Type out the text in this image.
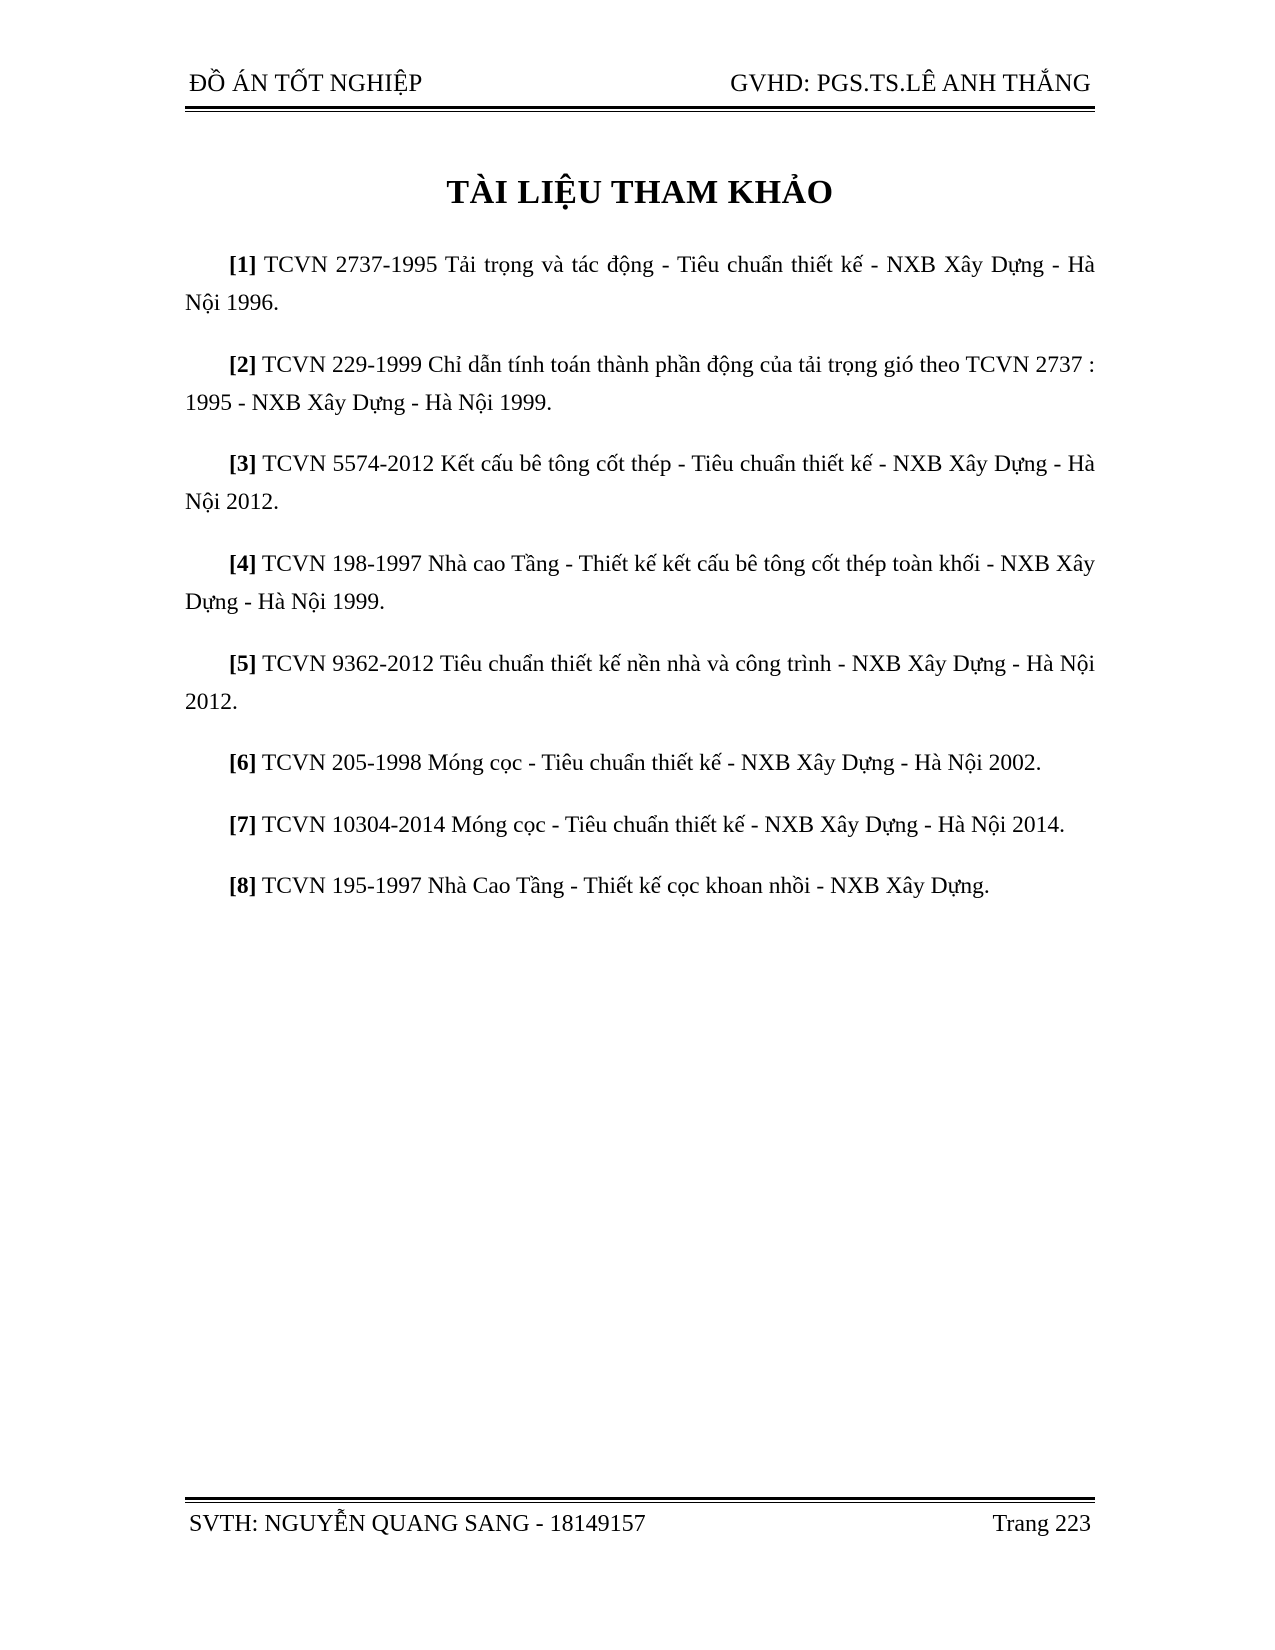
ĐỒ ÁN TỐT NGHIỆP	GVHD: PGS.TS.LÊ ANH THẮNG
TÀI LIỆU THAM KHẢO

[1] TCVN 2737-1995 Tải trọng và tác động - Tiêu chuẩn thiết kế - NXB Xây Dựng - Hà Nội 1996.

[2] TCVN 229-1999 Chỉ dẫn tính toán thành phần động của tải trọng gió theo TCVN 2737 : 1995 - NXB Xây Dựng - Hà Nội 1999.

[3] TCVN 5574-2012 Kết cấu bê tông cốt thép - Tiêu chuẩn thiết kế - NXB Xây Dựng - Hà Nội 2012.

[4] TCVN 198-1997 Nhà cao Tầng - Thiết kế kết cấu bê tông cốt thép toàn khối - NXB Xây Dựng - Hà Nội 1999.

[5] TCVN 9362-2012 Tiêu chuẩn thiết kế nền nhà và công trình - NXB Xây Dựng - Hà Nội 2012.

[6] TCVN 205-1998 Móng cọc - Tiêu chuẩn thiết kế - NXB Xây Dựng - Hà Nội 2002.

[7] TCVN 10304-2014 Móng cọc - Tiêu chuẩn thiết kế - NXB Xây Dựng - Hà Nội 2014.

[8] TCVN 195-1997 Nhà Cao Tầng - Thiết kế cọc khoan nhồi - NXB Xây Dựng.

SVTH: NGUYỄN QUANG SANG - 18149157	Trang 223
